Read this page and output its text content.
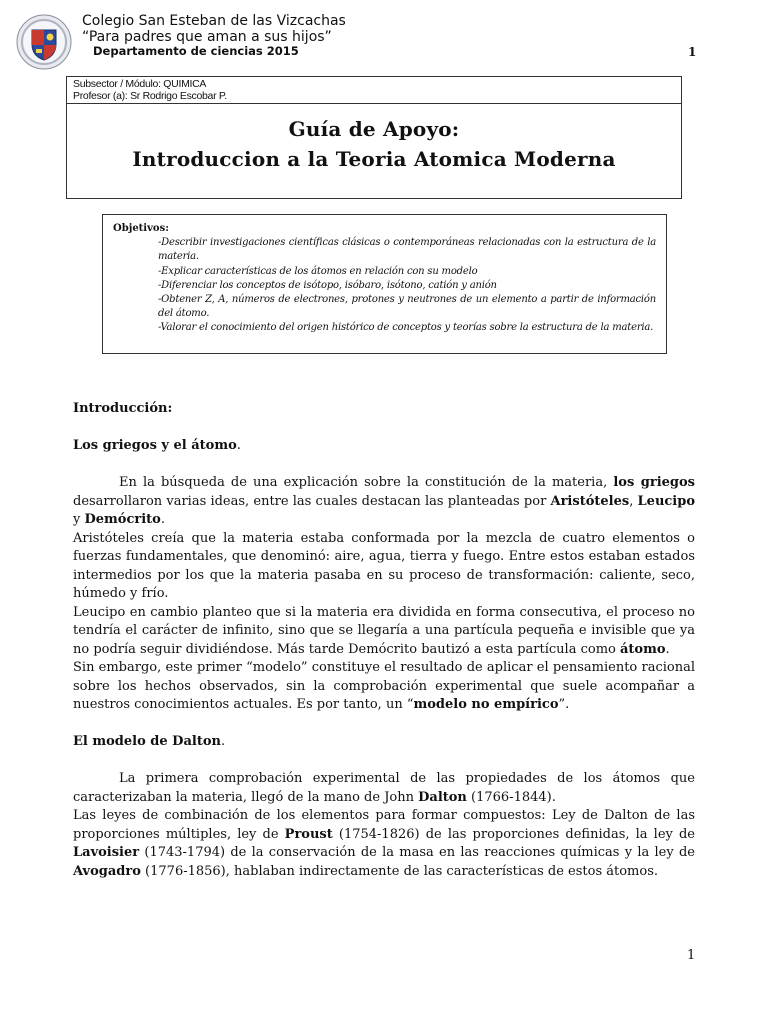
Colegio San Esteban de las Vizcachas
“Para padres que aman a sus hijos”
Departamento de ciencias 2015	1
Subsector / Módulo: QUIMICA
Profesor (a): Sr Rodrigo Escobar P.
Guía de Apoyo:
Introduccion a la Teoria Atomica Moderna
Objetivos:
-Describir investigaciones científicas clásicas o contemporáneas relacionadas con la estructura de la materia.
-Explicar características de los átomos en relación con su modelo
-Diferenciar los conceptos de isótopo, isóbaro, isótono, catión y anión
-Obtener Z, A, números de electrones, protones y neutrones de un elemento a partir de información del átomo.
-Valorar el conocimiento del origen histórico de conceptos y teorías sobre la estructura de la materia.

Introducción:

Los griegos y el átomo.

En la búsqueda de una explicación sobre la constitución de la materia, los griegos desarrollaron varias ideas, entre las cuales destacan las planteadas por Aristóteles, Leucipo y Demócrito.

Aristóteles creía que la materia estaba conformada por la mezcla de cuatro elementos o fuerzas fundamentales, que denominó: aire, agua, tierra y fuego. Entre estos estaban estados intermedios por los que la materia pasaba en su proceso de transformación: caliente, seco, húmedo y frío.

Leucipo en cambio planteo que si la materia era dividida en forma consecutiva, el proceso no tendría el carácter de infinito, sino que se llegaría a una partícula pequeña e invisible que ya no podría seguir dividiéndose. Más tarde Demócrito bautizó a esta partícula como átomo.

Sin embargo, este primer “modelo” constituye el resultado de aplicar el pensamiento racional sobre los hechos observados, sin la comprobación experimental que suele acompañar a nuestros conocimientos actuales. Es por tanto, un “modelo no empírico”.

El modelo de Dalton.

La primera comprobación experimental de las propiedades de los átomos que caracterizaban la materia, llegó de la mano de John Dalton (1766-1844).

Las leyes de combinación de los elementos para formar compuestos: Ley de Dalton de las proporciones múltiples, ley de Proust (1754-1826) de las proporciones definidas, la ley de Lavoisier (1743-1794) de la conservación de la masa en las reacciones químicas y la ley de Avogadro (1776-1856), hablaban indirectamente de las características de estos átomos.

1
